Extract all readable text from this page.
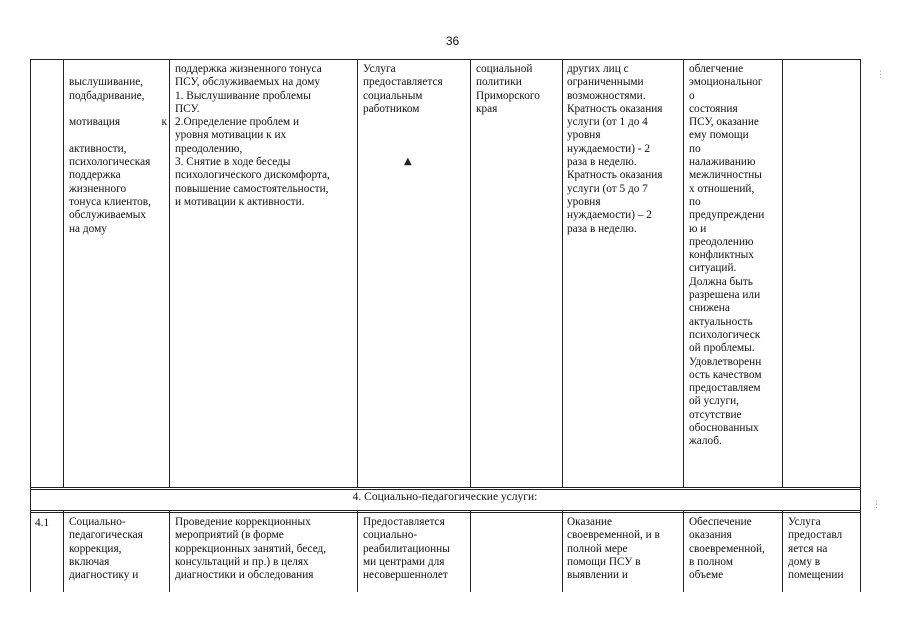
36

выслушивание,
подбадривание,

мотивация к

активности,
психологическая
поддержка
жизненного
тонуса клиентов,
обслуживаемых
на дому

поддержка жизненного тонуса
ПСУ, обслуживаемых на дому
1. Выслушивание проблемы
ПСУ.
2.Определение проблем и
уровня мотивации к их
преодолению,
3. Снятие в ходе беседы
психологического дискомфорта,
повышение самостоятельности,
и мотивации к активности.
Услуга
предоставляется
социальным
работником
социальной
политики
Приморского
края
других лиц с
ограниченными
возможностями.
Кратность оказания
услуги (от 1 до 4
уровня
нуждаемости) - 2
раза в неделю.
Кратность оказания
услуги (от 5 до 7
уровня
нуждаемости) – 2
раза в неделю.
облегчение
эмоциональног
о
состояния
ПСУ, оказание
ему помощи
по
налаживанию
межличностны
х отношений,
по
предупреждени
ю и
преодолению
конфликтных
ситуаций.
Должна быть
разрешена или
снижена
актуальность
психологическ
ой проблемы.
Удовлетворенн
ость качеством
предоставляем
ой услуги,
отсутствие
обосновaнных
жалоб.
4. Социально-педагогические услуги:
4.1 Социально-
педагогическая
коррекция,
включая
диагностику и
Проведение коррекционных
мероприятий (в форме
коррекционных занятий, бесед,
консультаций и пр.) в целях
диагностики и обследования
Предоставляется
социально-
реабилитационны
ми центрами для
несовершеннолет
Оказание
своевременной, и в
полной мере
помощи ПСУ в
выявлении и
Обеспечение
оказания
своевременной,
в полном
объеме
Услуга
предоставл
яется на
дому в
помещении
▲
⋮
⋮
